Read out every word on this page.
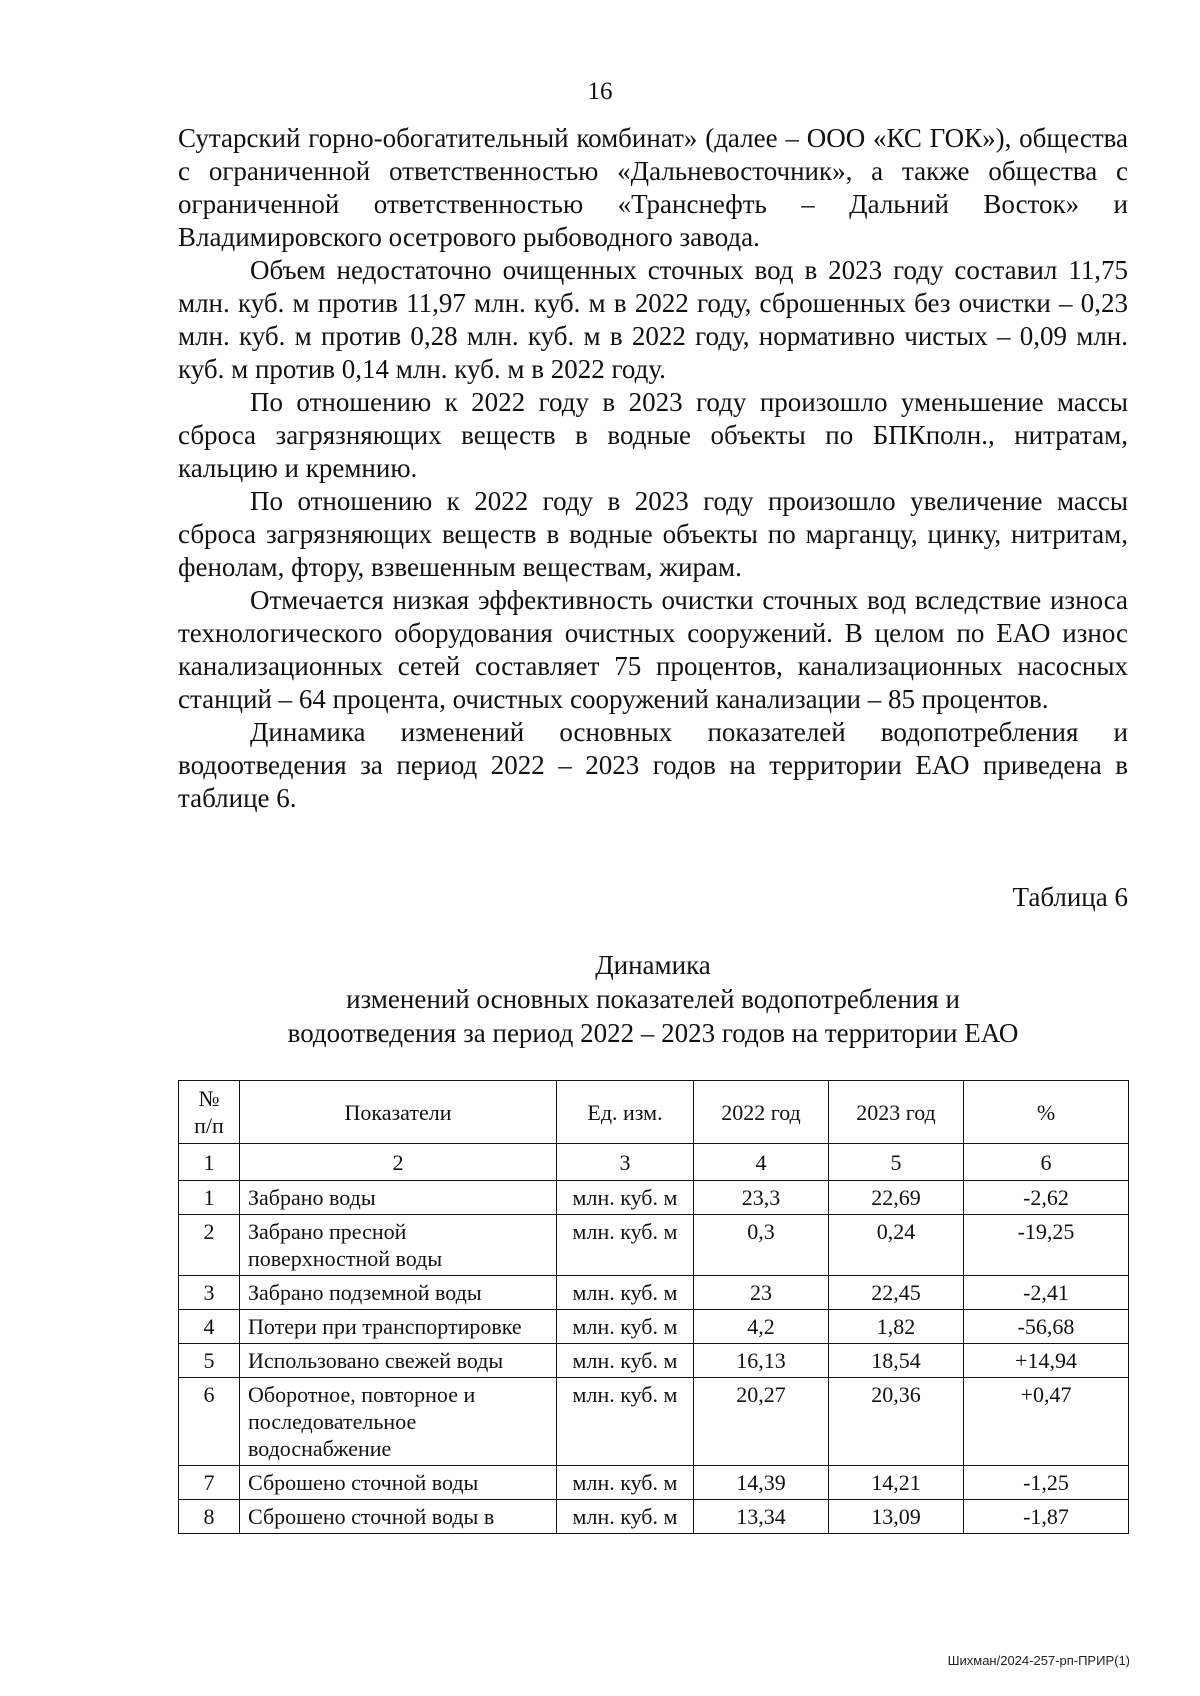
16

Сутарский горно-обогатительный комбинат» (далее – ООО «КС ГОК»), общества с ограниченной ответственностью «Дальневосточник», а также общества с ограниченной ответственностью «Транснефть – Дальний Восток» и Владимировского осетрового рыбоводного завода.

Объем недостаточно очищенных сточных вод в 2023 году составил 11,75 млн. куб. м против 11,97 млн. куб. м в 2022 году, сброшенных без очистки – 0,23 млн. куб. м против 0,28 млн. куб. м в 2022 году, нормативно чистых – 0,09 млн. куб. м против 0,14 млн. куб. м в 2022 году.

По отношению к 2022 году в 2023 году произошло уменьшение массы сброса загрязняющих веществ в водные объекты по БПКполн., нитратам, кальцию и кремнию.

По отношению к 2022 году в 2023 году произошло увеличение массы сброса загрязняющих веществ в водные объекты по марганцу, цинку, нитритам, фенолам, фтору, взвешенным веществам, жирам.

Отмечается низкая эффективность очистки сточных вод вследствие износа технологического оборудования очистных сооружений. В целом по ЕАО износ канализационных сетей составляет 75 процентов, канализационных насосных станций – 64 процента, очистных сооружений канализации – 85 процентов.

Динамика изменений основных показателей водопотребления и водоотведения за период 2022 – 2023 годов на территории ЕАО приведена в таблице 6.

Таблица 6
Динамика
изменений основных показателей водопотребления и
водоотведения за период 2022 – 2023 годов на территории ЕАО
№ п/п	Показатели	Ед. изм.	2022 год	2023 год	%
1	2	3	4	5	6
1	Забрано воды	млн. куб. м	23,3	22,69	-2,62
2	Забрано пресной поверхностной воды	млн. куб. м	0,3	0,24	-19,25
3	Забрано подземной воды	млн. куб. м	23	22,45	-2,41
4	Потери при транспортировке	млн. куб. м	4,2	1,82	-56,68
5	Использовано свежей воды	млн. куб. м	16,13	18,54	+14,94
6	Оборотное, повторное и последовательное водоснабжение	млн. куб. м	20,27	20,36	+0,47
7	Сброшено сточной воды	млн. куб. м	14,39	14,21	-1,25
8	Сброшено сточной воды в	млн. куб. м	13,34	13,09	-1,87
Шихман/2024-257-рп-ПРИР(1)
